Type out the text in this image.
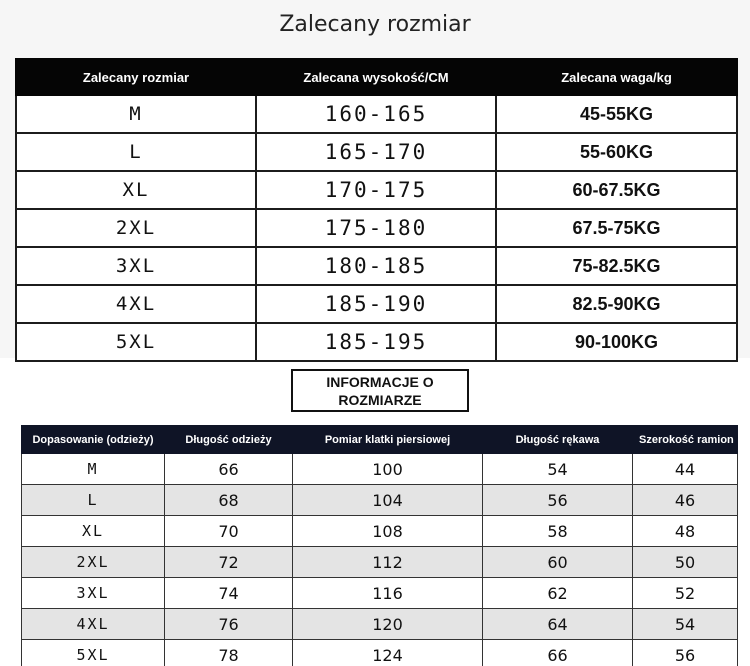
Zalecany rozmiar
Zalecany rozmiar	Zalecana wysokość/CM	Zalecana waga/kg
M	160-165	45-55KG
L	165-170	55-60KG
XL	170-175	60-67.5KG
2XL	175-180	67.5-75KG
3XL	180-185	75-82.5KG
4XL	185-190	82.5-90KG
5XL	185-195	90-100KG
INFORMACJE O
ROZMIARZE
Dopasowanie (odzieży)	Długość odzieży	Pomiar klatki piersiowej	Długość rękawa	Szerokość ramion
M	66	100	54	44
L	68	104	56	46
XL	70	108	58	48
2XL	72	112	60	50
3XL	74	116	62	52
4XL	76	120	64	54
5XL	78	124	66	56
